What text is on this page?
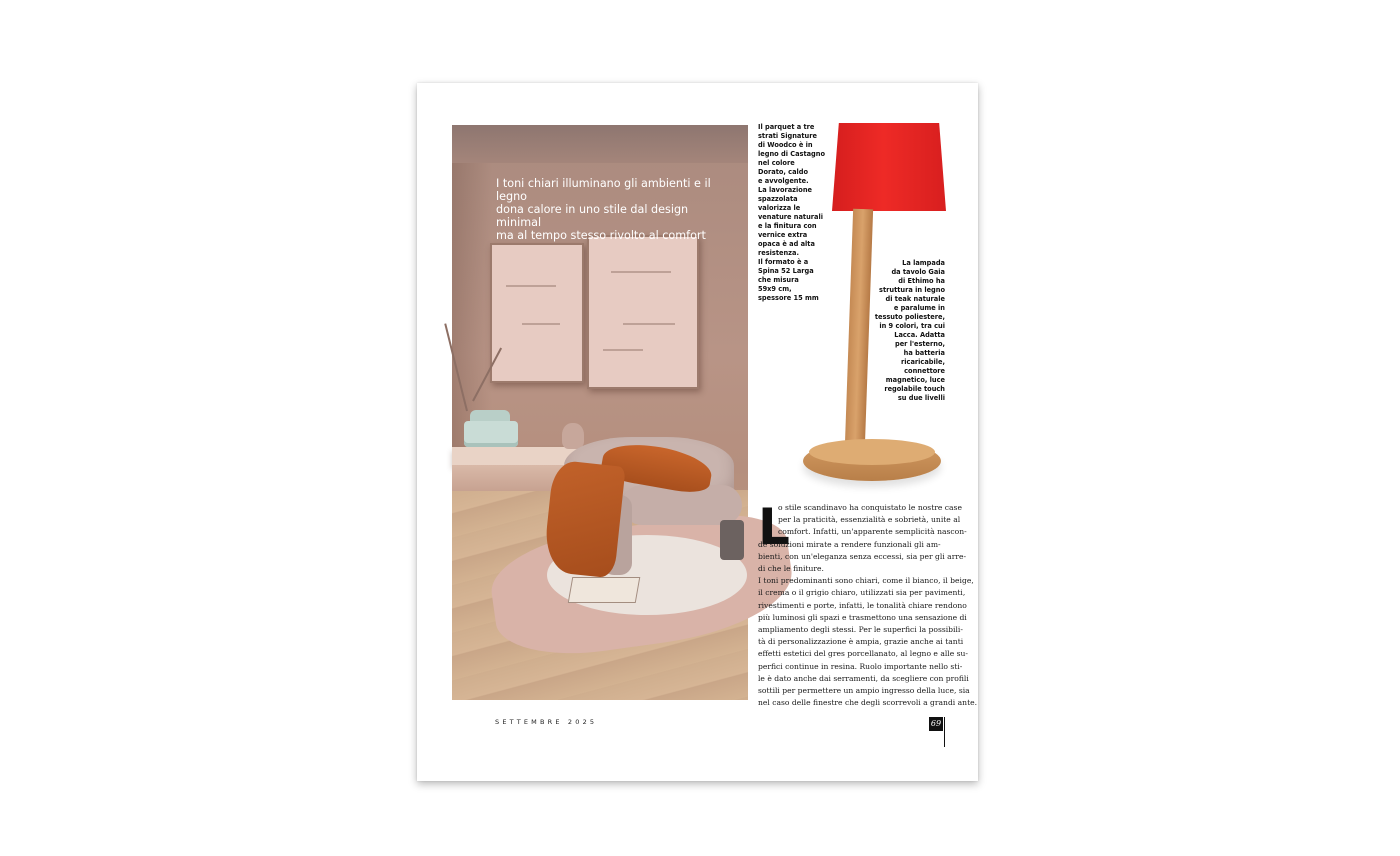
I toni chiari illuminano gli ambienti e il legno
dona calore in uno stile dal design minimal
ma al tempo stesso rivolto al comfort
Il parquet a tre
strati Signature
di Woodco è in
legno di Castagno
nel colore
Dorato, caldo
e avvolgente.
La lavorazione
spazzolata
valorizza le
venature naturali
e la finitura con
vernice extra
opaca è ad alta
resistenza.
Il formato è a
Spina 52 Larga
che misura
59x9 cm,
spessore 15 mm
La lampada
da tavolo Gaia
di Ethimo ha
struttura in legno
di teak naturale
e paralume in
tessuto poliestere,
in 9 colori, tra cui
Lacca. Adatta
per l'esterno,
ha batteria
ricaricabile,
connettore
magnetico, luce
regolabile touch
su due livelli
L
o stile scandinavo ha conquistato le nostre case
per la praticità, essenzialità e sobrietà, unite al
comfort. Infatti, un'apparente semplicità nascon-
de soluzioni mirate a rendere funzionali gli am-
bienti, con un'eleganza senza eccessi, sia per gli arre-
di che le finiture.
I toni predominanti sono chiari, come il bianco, il beige,
il crema o il grigio chiaro, utilizzati sia per pavimenti,
rivestimenti e porte, infatti, le tonalità chiare rendono
più luminosi gli spazi e trasmettono una sensazione di
ampliamento degli stessi. Per le superfici la possibili-
tà di personalizzazione è ampia, grazie anche ai tanti
effetti estetici del gres porcellanato, al legno e alle su-
perfici continue in resina. Ruolo importante nello sti-
le è dato anche dai serramenti, da scegliere con profili
sottili per permettere un ampio ingresso della luce, sia
nel caso delle finestre che degli scorrevoli a grandi ante.
SETTEMBRE 2025	69
